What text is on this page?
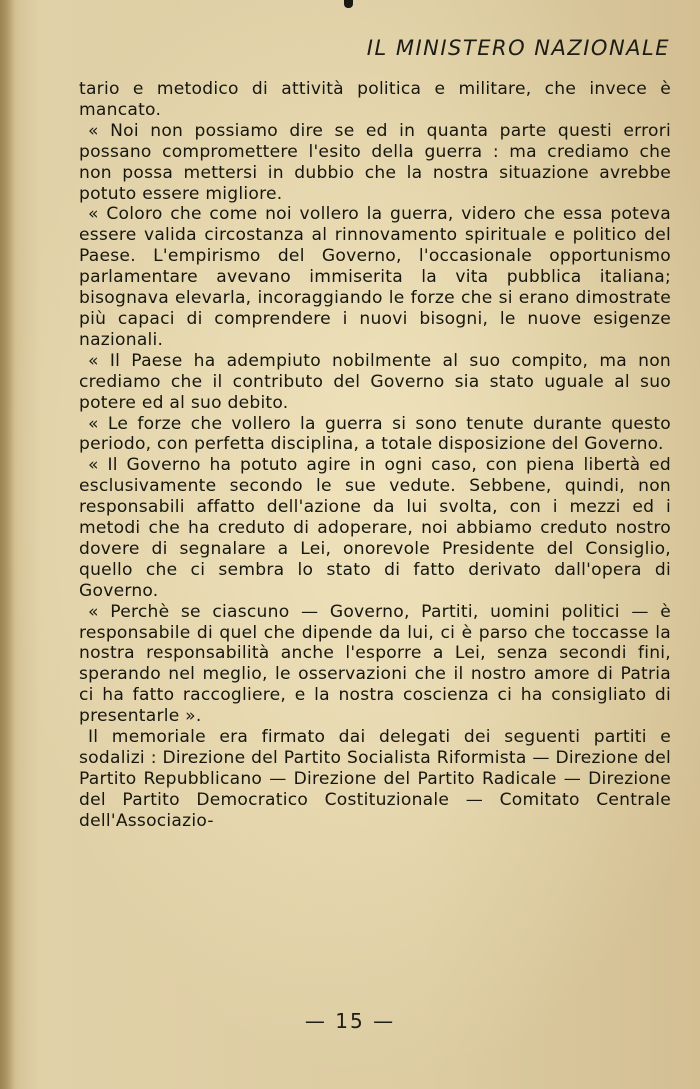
IL MINISTERO NAZIONALE

tario e metodico di attività politica e militare, che invece è mancato.

« Noi non possiamo dire se ed in quanta parte questi errori possano compromettere l'esito della guerra : ma crediamo che non possa mettersi in dubbio che la nostra situazione avrebbe potuto essere migliore.

« Coloro che come noi vollero la guerra, videro che essa poteva essere valida circostanza al rinnovamento spirituale e politico del Paese. L'empirismo del Governo, l'occasionale opportunismo parlamentare avevano immiserita la vita pubblica italiana; bisognava elevarla, incoraggiando le forze che si erano dimostrate più capaci di comprendere i nuovi bisogni, le nuove esigenze nazionali.

« Il Paese ha adempiuto nobilmente al suo compito, ma non crediamo che il contributo del Governo sia stato uguale al suo potere ed al suo debito.

« Le forze che vollero la guerra si sono tenute durante questo periodo, con perfetta disciplina, a totale disposizione del Governo.

« Il Governo ha potuto agire in ogni caso, con piena libertà ed esclusivamente secondo le sue vedute. Sebbene, quindi, non responsabili affatto dell'azione da lui svolta, con i mezzi ed i metodi che ha creduto di adoperare, noi abbiamo creduto nostro dovere di segnalare a Lei, onorevole Presidente del Consiglio, quello che ci sembra lo stato di fatto derivato dall'opera di Governo.

« Perchè se ciascuno — Governo, Partiti, uomini politici — è responsabile di quel che dipende da lui, ci è parso che toccasse la nostra responsabilità anche l'esporre a Lei, senza secondi fini, sperando nel meglio, le osservazioni che il nostro amore di Patria ci ha fatto raccogliere, e la nostra coscienza ci ha consigliato di presentarle ».

Il memoriale era firmato dai delegati dei seguenti partiti e sodalizi : Direzione del Partito Socialista Riformista — Direzione del Partito Repubblicano — Direzione del Partito Radicale — Direzione del Partito Democratico Costituzionale — Comitato Centrale dell'Associazio-

— 15 —
